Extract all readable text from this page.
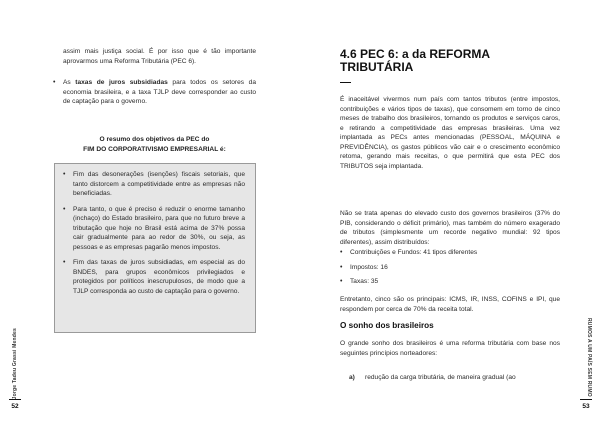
Jorge Tadeu Grassi Mendes
52

assim mais justiça social. É por isso que é tão importante aprovarmos uma Reforma Tributária (PEC 6).

•	As taxas de juros subsidiadas para todos os setores da economia brasileira, e a taxa TJLP deve corresponder ao custo de captação para o governo.
O resumo dos objetivos da PEC do
FIM DO CORPORATIVISMO EMPRESARIAL é:
•	Fim das desonerações (isenções) fiscais setoriais, que tanto distorcem a competitividade entre as empresas não beneficiadas.
•	Para tanto, o que é preciso é reduzir o enorme tamanho (inchaço) do Estado brasileiro, para que no futuro breve a tributação que hoje no Brasil está acima de 37% possa cair gradualmente para ao redor de 30%, ou seja, as pessoas e as empresas pagarão menos impostos.
•	Fim das taxas de juros subsidiadas, em especial as do BNDES, para grupos econômicos privilegiados e protegidos por políticos inescrupulosos, de modo que a TJLP corresponda ao custo de captação para o governo.
RUMOS A UM PAÍS SEM RUMO
53
4.6 PEC 6: a da REFORMA TRIBUTÁRIA

É inaceitável vivermos num país com tantos tributos (entre impostos, contribuições e vários tipos de taxas), que consomem em torno de cinco meses de trabalho dos brasileiros, tornando os produtos e serviços caros, e retirando a competitividade das empresas brasileiras. Uma vez implantada as PECs antes mencionadas (PESSOAL, MÁQUINA e PREVIDÊNCIA), os gastos públicos vão cair e o crescimento econômico retoma, gerando mais receitas, o que permitirá que esta PEC dos TRIBUTOS seja implantada.

Não se trata apenas do elevado custo dos governos brasileiros (37% do PIB, considerando o déficit primário), mas também do número exagerado de tributos (simplesmente um recorde negativo mundial: 92 tipos diferentes), assim distribuídos:

•	Contribuições e Fundos: 41 tipos diferentes
•	Impostos: 16
•	Taxas: 35

Entretanto, cinco são os principais: ICMS, IR, INSS, COFINS e IPI, que respondem por cerca de 70% da receita total.

O sonho dos brasileiros

O grande sonho dos brasileiros é uma reforma tributária com base nos seguintes princípios norteadores:

a)	redução da carga tributária, de maneira gradual (ao
